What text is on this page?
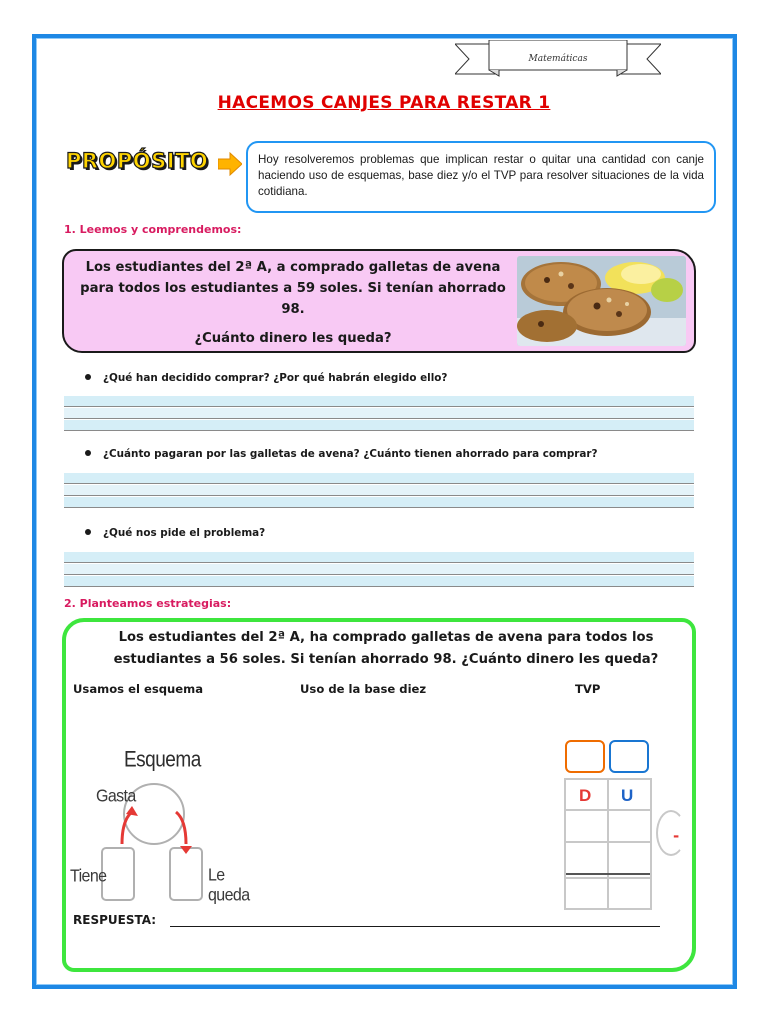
Matemáticas
HACEMOS CANJES PARA RESTAR 1
PROPÓSITO	Hoy resolveremos problemas que implican restar o quitar una cantidad con canje haciendo uso de esquemas, base diez y/o el TVP para resolver situaciones de la vida cotidiana.
1. Leemos y comprendemos:
Los estudiantes del 2ª A, a comprado galletas de avena para todos los estudiantes a 59 soles. Si tenían ahorrado 98.
¿Cuánto dinero les queda?
¿Qué han decidido comprar? ¿Por qué habrán elegido ello?
¿Cuánto pagaran por las galletas de avena? ¿Cuánto tienen ahorrado para comprar?
¿Qué nos pide el problema?
2. Planteamos estrategias:
Los estudiantes del 2ª A, ha comprado galletas de avena para todos los estudiantes a 56 soles. Si tenían ahorrado 98. ¿Cuánto dinero les queda?
Usamos el esquema	Uso de la base diez	TVP
Esquema
Gasta
Tiene	Le queda
D U
-
RESPUESTA:
